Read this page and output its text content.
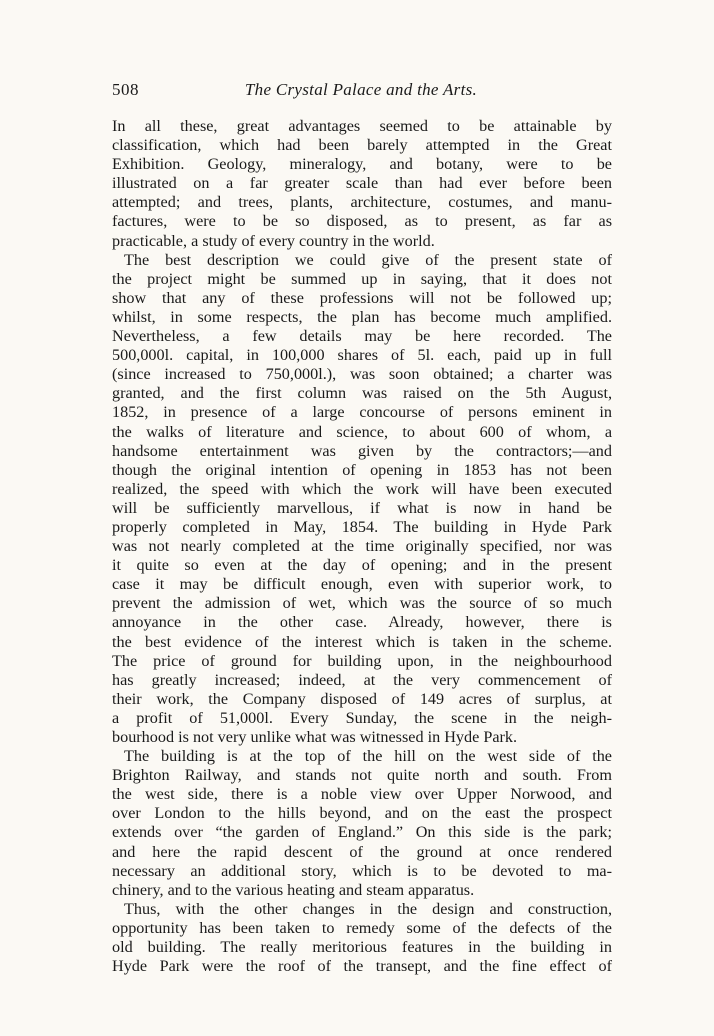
508	The Crystal Palace and the Arts.
In all these, great advantages seemed to be attainable by
classification, which had been barely attempted in the Great
Exhibition. Geology, mineralogy, and botany, were to be
illustrated on a far greater scale than had ever before been
attempted; and trees, plants, architecture, costumes, and manu-
factures, were to be so disposed, as to present, as far as
practicable, a study of every country in the world.
The best description we could give of the present state of
the project might be summed up in saying, that it does not
show that any of these professions will not be followed up;
whilst, in some respects, the plan has become much amplified.
Nevertheless, a few details may be here recorded. The
500,000l. capital, in 100,000 shares of 5l. each, paid up in full
(since increased to 750,000l.), was soon obtained; a charter was
granted, and the first column was raised on the 5th August,
1852, in presence of a large concourse of persons eminent in
the walks of literature and science, to about 600 of whom, a
handsome entertainment was given by the contractors;—and
though the original intention of opening in 1853 has not been
realized, the speed with which the work will have been executed
will be sufficiently marvellous, if what is now in hand be
properly completed in May, 1854. The building in Hyde Park
was not nearly completed at the time originally specified, nor was
it quite so even at the day of opening; and in the present
case it may be difficult enough, even with superior work, to
prevent the admission of wet, which was the source of so much
annoyance in the other case. Already, however, there is
the best evidence of the interest which is taken in the scheme.
The price of ground for building upon, in the neighbourhood
has greatly increased; indeed, at the very commencement of
their work, the Company disposed of 149 acres of surplus, at
a profit of 51,000l. Every Sunday, the scene in the neigh-
bourhood is not very unlike what was witnessed in Hyde Park.
The building is at the top of the hill on the west side of the
Brighton Railway, and stands not quite north and south. From
the west side, there is a noble view over Upper Norwood, and
over London to the hills beyond, and on the east the prospect
extends over “the garden of England.” On this side is the park;
and here the rapid descent of the ground at once rendered
necessary an additional story, which is to be devoted to ma-
chinery, and to the various heating and steam apparatus.
Thus, with the other changes in the design and construction,
opportunity has been taken to remedy some of the defects of the
old building. The really meritorious features in the building in
Hyde Park were the roof of the transept, and the fine effect of
